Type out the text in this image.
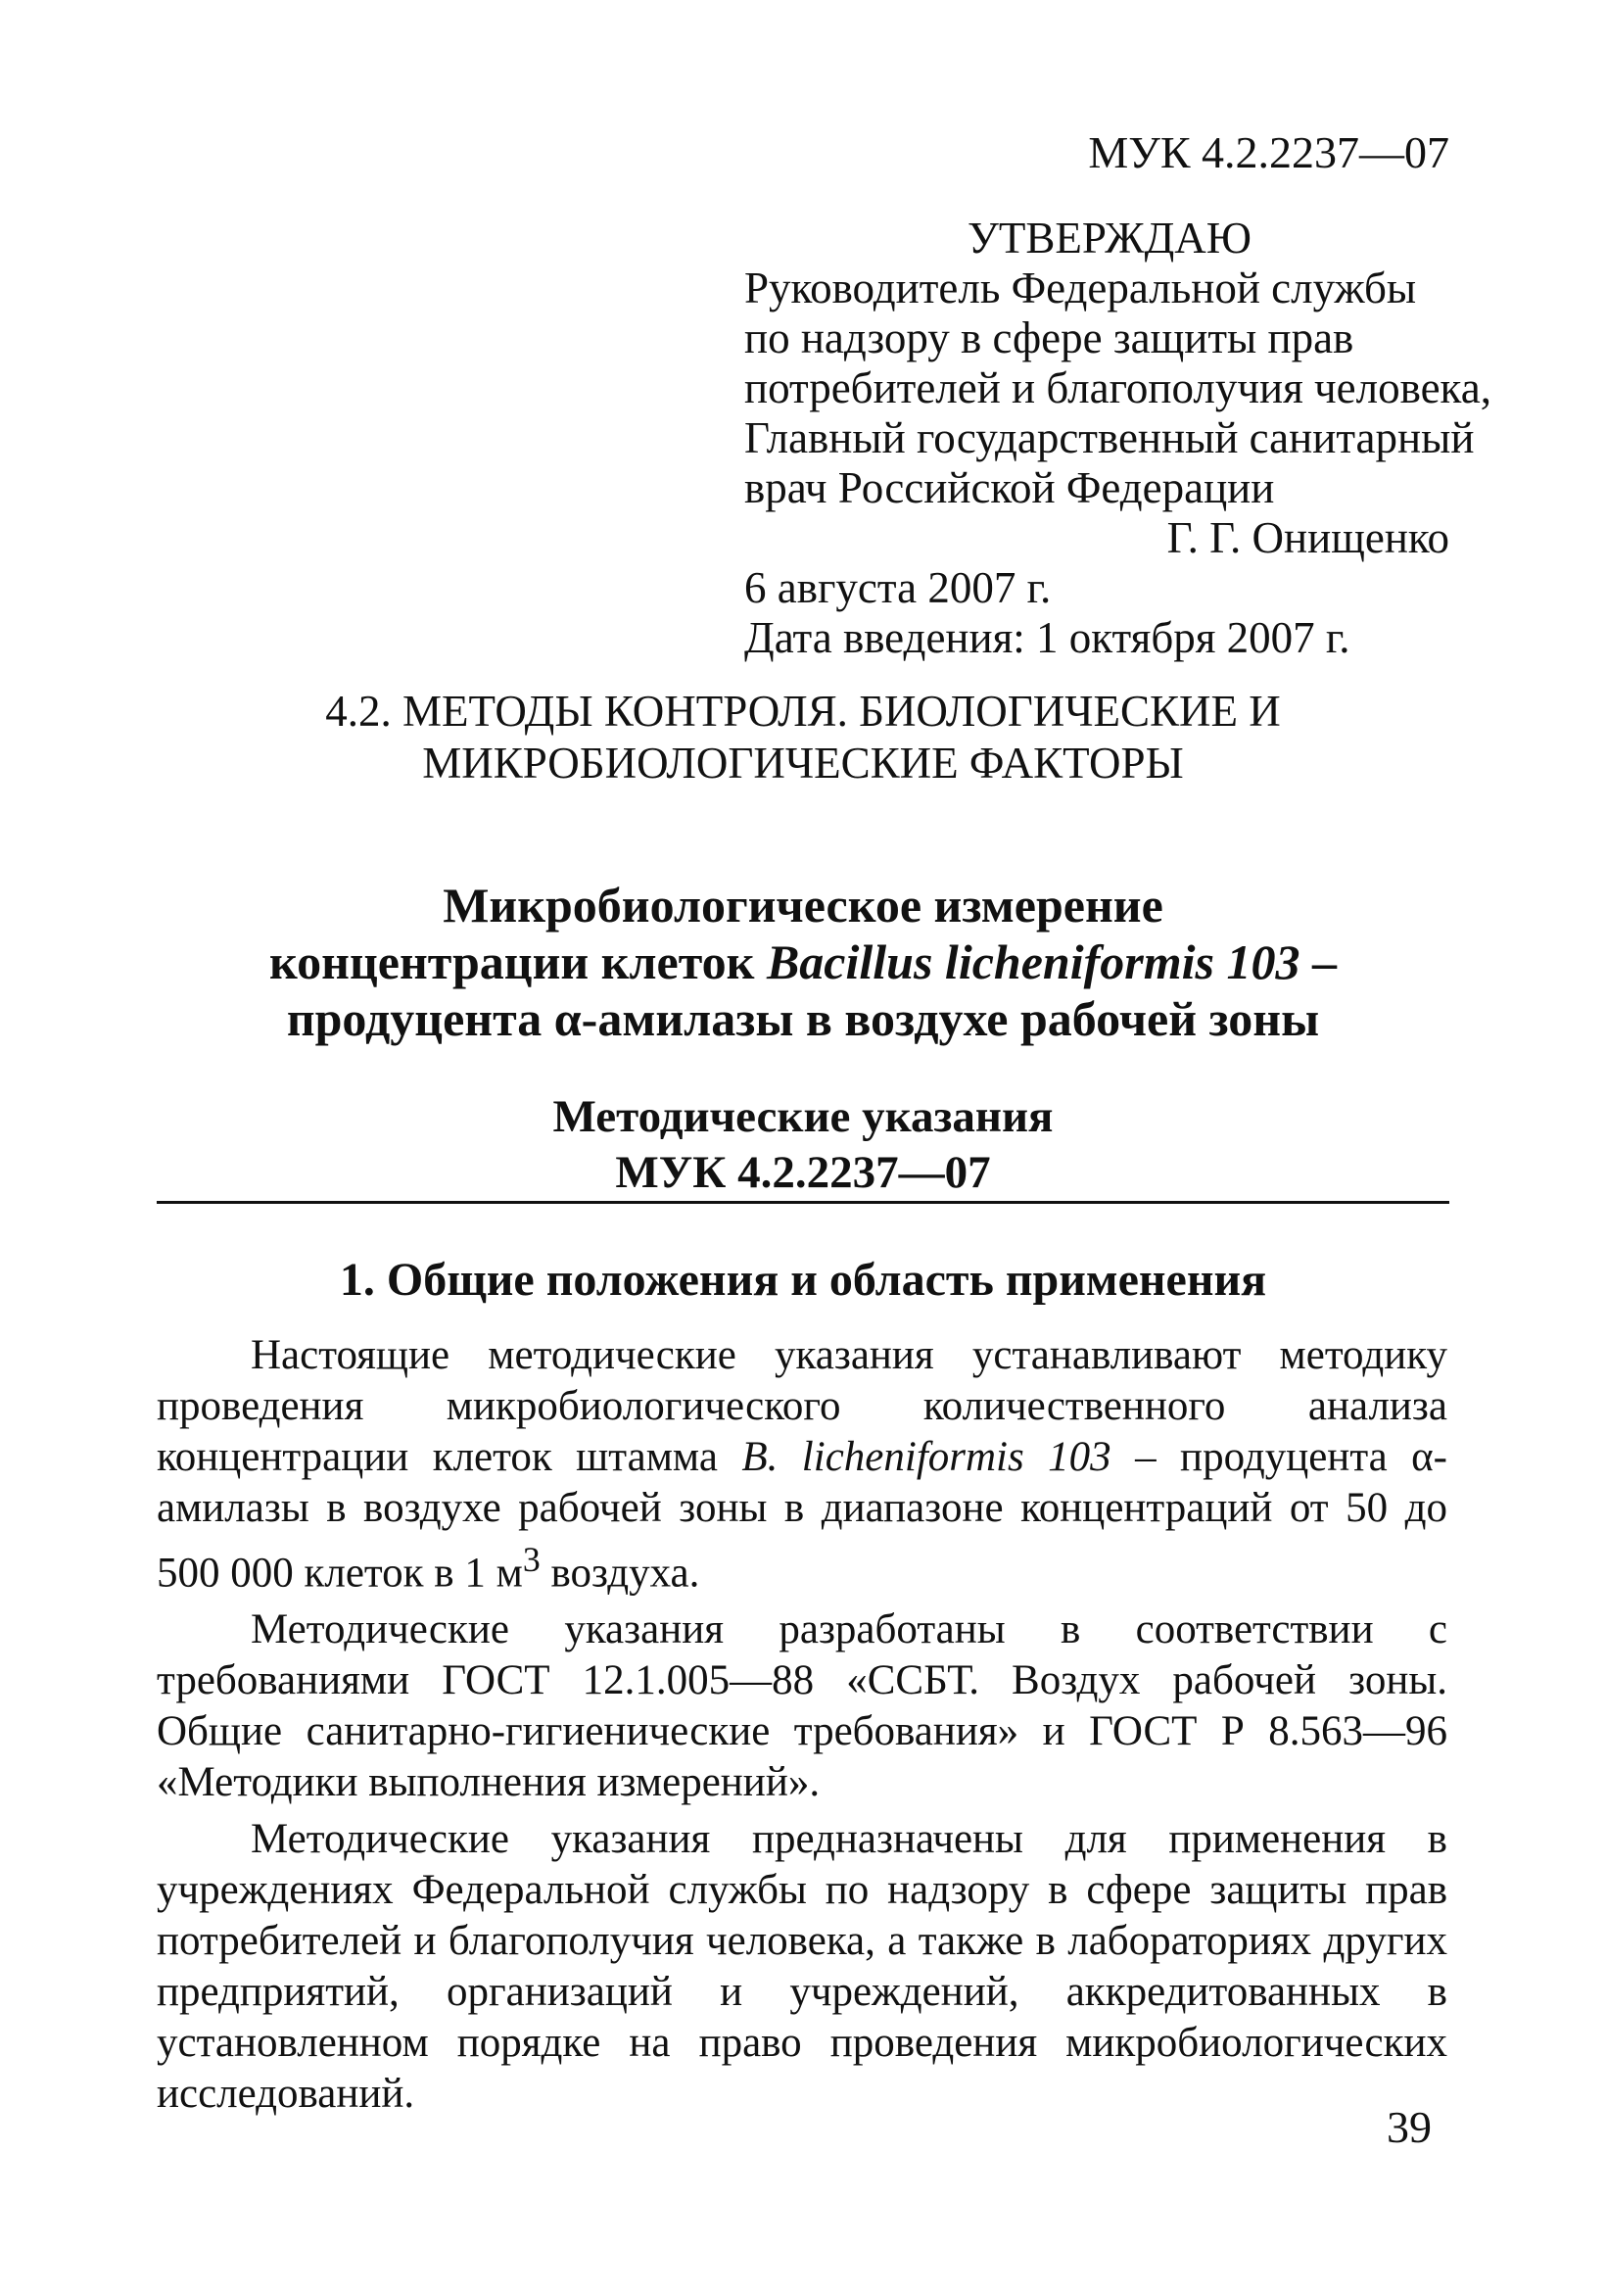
МУК 4.2.2237—07
УТВЕРЖДАЮ
Руководитель Федеральной службы
по надзору в сфере защиты прав
потребителей и благополучия человека,
Главный государственный санитарный
врач Российской Федерации
Г. Г. Онищенко
6 августа 2007 г.
Дата введения: 1 октября 2007 г.
4.2. МЕТОДЫ КОНТРОЛЯ. БИОЛОГИЧЕСКИЕ И
МИКРОБИОЛОГИЧЕСКИЕ ФАКТОРЫ
Микробиологическое измерение
концентрации клеток Bacillus licheniformis 103 –
продуцента α-амилазы в воздухе рабочей зоны
Методические указания
МУК 4.2.2237—07
1. Общие положения и область применения

Настоящие методические указания устанавливают методику проведения микробиологического количественного анализа концентрации клеток штамма B. licheniformis 103 – продуцента α-амилазы в воздухе рабочей зоны в диапазоне концентраций от 50 до 500 000 клеток в 1 $м^3$ воздуха.

Методические указания разработаны в соответствии с требованиями ГОСТ 12.1.005—88 «ССБТ. Воздух рабочей зоны. Общие санитарно-гигиенические требования» и ГОСТ Р 8.563—96 «Методики выполнения измерений».

Методические указания предназначены для применения в учреждениях Федеральной службы по надзору в сфере защиты прав потребителей и благополучия человека, а также в лабораториях других предприятий, организаций и учреждений, аккредитованных в установленном порядке на право проведения микробиологических исследований.

39
